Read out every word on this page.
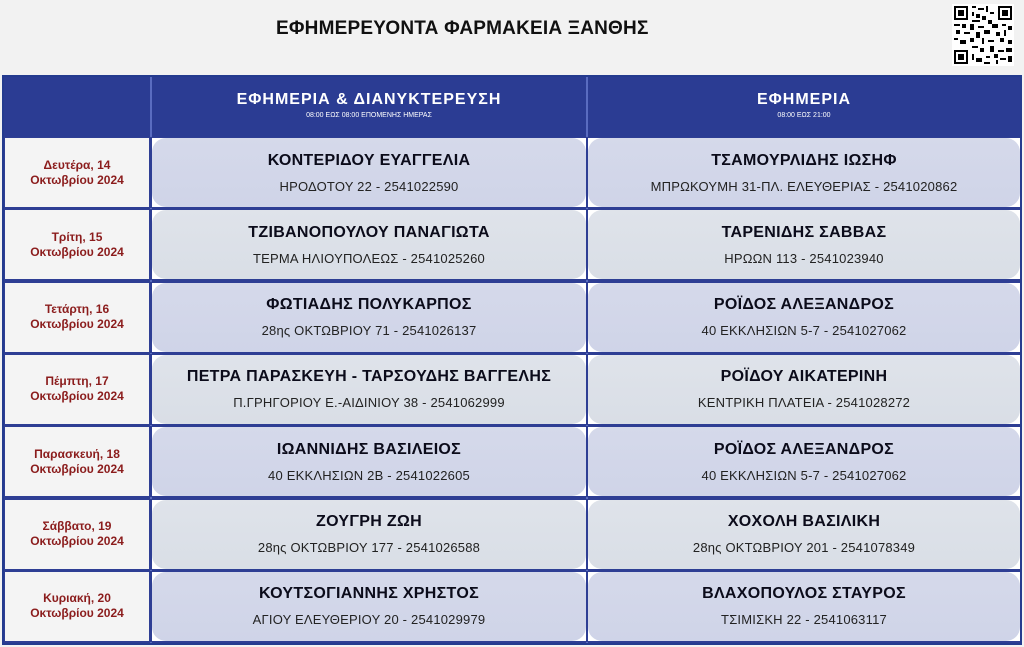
ΕΦΗΜΕΡΕΥΟΝΤΑ ΦΑΡΜΑΚΕΙΑ ΞΑΝΘΗΣ
ΕΦΗΜΕΡΙΑ & ΔΙΑΝΥΚΤΕΡΕΥΣΗ
08:00 ΕΩΣ 08:00 ΕΠΟΜΕΝΗΣ ΗΜΕΡΑΣ
ΕΦΗΜΕΡΙΑ
08:00 ΕΩΣ 21:00
Δευτέρα, 14
Οκτωβρίου 2024
ΚΟΝΤΕΡΙΔΟΥ ΕΥΑΓΓΕΛΙΑ
ΗΡΟΔΟΤΟΥ 22 - 2541022590
ΤΣΑΜΟΥΡΛΙΔΗΣ ΙΩΣΗΦ
ΜΠΡΩΚΟΥΜΗ 31-ΠΛ. ΕΛΕΥΘΕΡΙΑΣ - 2541020862
Τρίτη, 15
Οκτωβρίου 2024
ΤΖΙΒΑΝΟΠΟΥΛΟΥ ΠΑΝΑΓΙΩΤΑ
ΤΕΡΜΑ ΗΛΙΟΥΠΟΛΕΩΣ - 2541025260
ΤΑΡΕΝΙΔΗΣ ΣΑΒΒΑΣ
ΗΡΩΩΝ 113 - 2541023940
Τετάρτη, 16
Οκτωβρίου 2024
ΦΩΤΙΑΔΗΣ ΠΟΛΥΚΑΡΠΟΣ
28ης ΟΚΤΩΒΡΙΟΥ 71 - 2541026137
ΡΟΪΔΟΣ ΑΛΕΞΑΝΔΡΟΣ
40 ΕΚΚΛΗΣΙΩΝ 5-7 - 2541027062
Πέμπτη, 17
Οκτωβρίου 2024
ΠΕΤΡΑ ΠΑΡΑΣΚΕΥΗ - ΤΑΡΣΟΥΔΗΣ ΒΑΓΓΕΛΗΣ
Π.ΓΡΗΓΟΡΙΟΥ Ε.-ΑΙΔΙΝΙΟΥ 38 - 2541062999
ΡΟΪΔΟΥ ΑΙΚΑΤΕΡΙΝΗ
ΚΕΝΤΡΙΚΗ ΠΛΑΤΕΙΑ - 2541028272
Παρασκευή, 18
Οκτωβρίου 2024
ΙΩΑΝΝΙΔΗΣ ΒΑΣΙΛΕΙΟΣ
40 ΕΚΚΛΗΣΙΩΝ 2Β - 2541022605
ΡΟΪΔΟΣ ΑΛΕΞΑΝΔΡΟΣ
40 ΕΚΚΛΗΣΙΩΝ 5-7 - 2541027062
Σάββατο, 19
Οκτωβρίου 2024
ΖΟΥΓΡΗ ΖΩΗ
28ης ΟΚΤΩΒΡΙΟΥ 177 - 2541026588
ΧΟΧΟΛΗ ΒΑΣΙΛΙΚΗ
28ης ΟΚΤΩΒΡΙΟΥ 201 - 2541078349
Κυριακή, 20
Οκτωβρίου 2024
ΚΟΥΤΣΟΓΙΑΝΝΗΣ ΧΡΗΣΤΟΣ
ΑΓΙΟΥ ΕΛΕΥΘΕΡΙΟΥ 20 - 2541029979
ΒΛΑΧΟΠΟΥΛΟΣ ΣΤΑΥΡΟΣ
ΤΣΙΜΙΣΚΗ 22 - 2541063117
